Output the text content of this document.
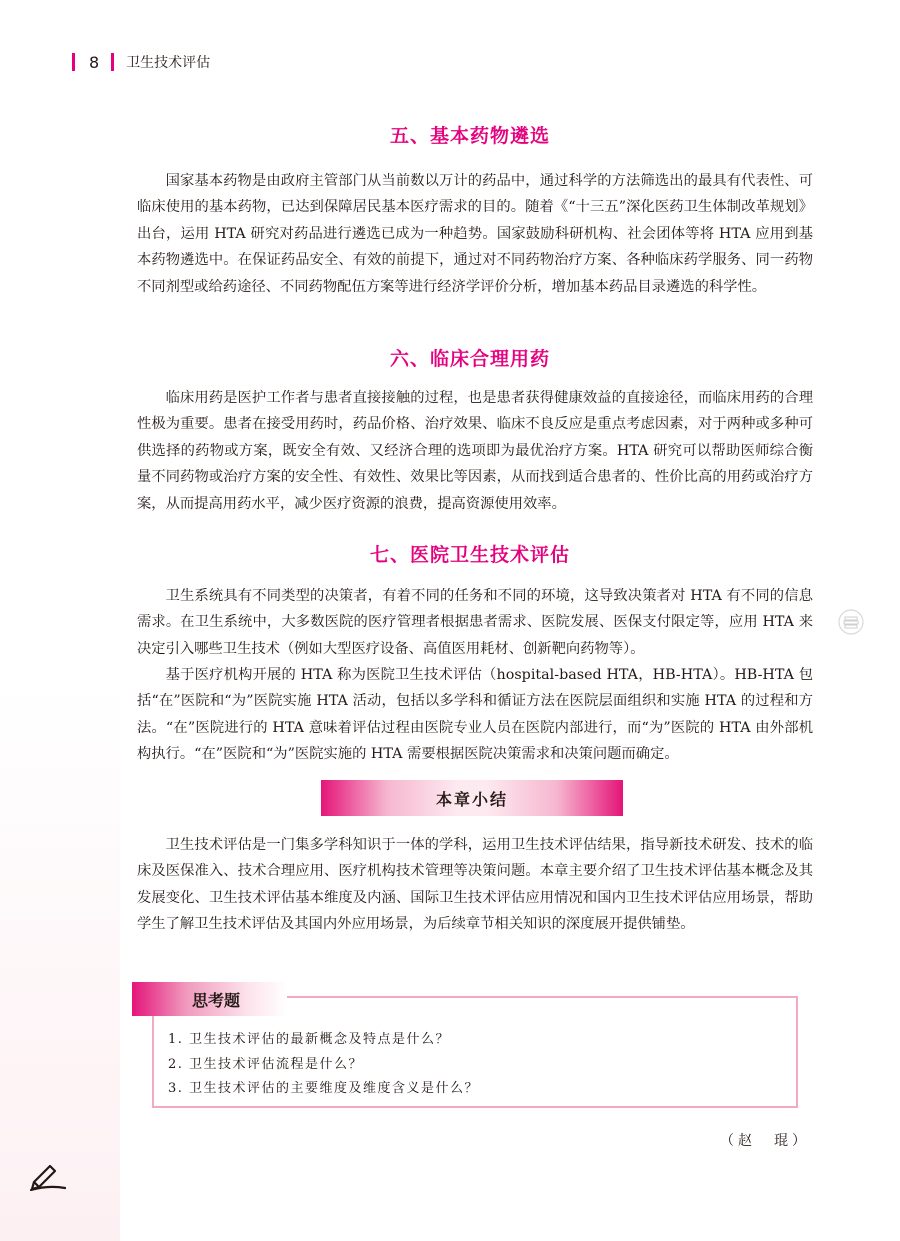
8 卫生技术评估
五、基本药物遴选

国家基本药物是由政府主管部门从当前数以万计的药品中，通过科学的方法筛选出的最具有代表性、可临床使用的基本药物，已达到保障居民基本医疗需求的目的。随着《“十三五”深化医药卫生体制改革规划》出台，运用 HTA 研究对药品进行遴选已成为一种趋势。国家鼓励科研机构、社会团体等将 HTA 应用到基本药物遴选中。在保证药品安全、有效的前提下，通过对不同药物治疗方案、各种临床药学服务、同一药物不同剂型或给药途径、不同药物配伍方案等进行经济学评价分析，增加基本药品目录遴选的科学性。

六、临床合理用药

临床用药是医护工作者与患者直接接触的过程，也是患者获得健康效益的直接途径，而临床用药的合理性极为重要。患者在接受用药时，药品价格、治疗效果、临床不良反应是重点考虑因素，对于两种或多种可供选择的药物或方案，既安全有效、又经济合理的选项即为最优治疗方案。HTA 研究可以帮助医师综合衡量不同药物或治疗方案的安全性、有效性、效果比等因素，从而找到适合患者的、性价比高的用药或治疗方案，从而提高用药水平，减少医疗资源的浪费，提高资源使用效率。

七、医院卫生技术评估

卫生系统具有不同类型的决策者，有着不同的任务和不同的环境，这导致决策者对 HTA 有不同的信息需求。在卫生系统中，大多数医院的医疗管理者根据患者需求、医院发展、医保支付限定等，应用 HTA 来决定引入哪些卫生技术（例如大型医疗设备、高值医用耗材、创新靶向药物等）。

基于医疗机构开展的 HTA 称为医院卫生技术评估（hospital-based HTA，HB-HTA）。HB-HTA 包括“在”医院和“为”医院实施 HTA 活动，包括以多学科和循证方法在医院层面组织和实施 HTA 的过程和方法。“在”医院进行的 HTA 意味着评估过程由医院专业人员在医院内部进行，而“为”医院的 HTA 由外部机构执行。“在”医院和“为”医院实施的 HTA 需要根据医院决策需求和决策问题而确定。

本章小结

卫生技术评估是一门集多学科知识于一体的学科，运用卫生技术评估结果，指导新技术研发、技术的临床及医保准入、技术合理应用、医疗机构技术管理等决策问题。本章主要介绍了卫生技术评估基本概念及其发展变化、卫生技术评估基本维度及内涵、国际卫生技术评估应用情况和国内卫生技术评估应用场景，帮助学生了解卫生技术评估及其国内外应用场景，为后续章节相关知识的深度展开提供铺垫。

思考题
1. 卫生技术评估的最新概念及特点是什么？
2. 卫生技术评估流程是什么？
3. 卫生技术评估的主要维度及维度含义是什么？
（赵　琨）
